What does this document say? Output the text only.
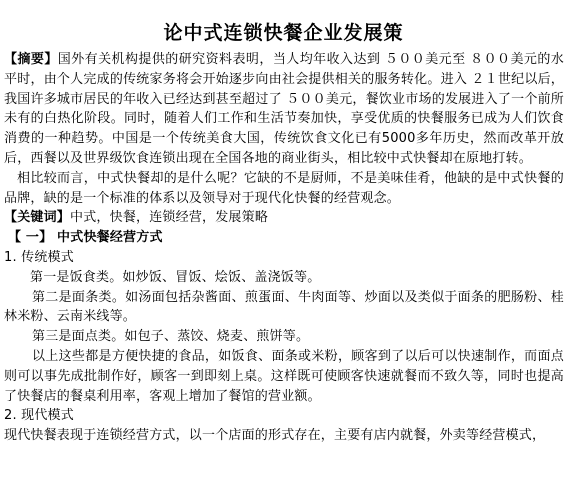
论中式连锁快餐企业发展策

【摘要】国外有关机构提供的研究资料表明，当人均年收入达到 ５００美元至 ８００美元的水平时，由个人完成的传统家务将会开始逐步向由社会提供相关的服务转化。进入 ２１世纪以后，我国许多城市居民的年收入已经达到甚至超过了 ５００美元，餐饮业市场的发展进入了一个前所未有的白热化阶段。同时，随着人们工作和生活节奏加快，享受优质的快餐服务已成为人们饮食消费的一种趋势。中国是一个传统美食大国，传统饮食文化已有5000多年历史，然而改革开放后，西餐以及世界级饮食连锁出现在全国各地的商业街头，相比较中式快餐却在原地打转。

相比较而言，中式快餐却的是什么呢？它缺的不是厨师，不是美味佳肴，他缺的是中式快餐的品牌，缺的是一个标准的体系以及领导对于现代化快餐的经营观念。

【关键词】中式，快餐，连锁经营，发展策略

【 一】 中式快餐经营方式

1. 传统模式

第一是饭食类。如炒饭、冒饭、烩饭、盖浇饭等。

第二是面条类。如汤面包括杂酱面、煎蛋面、牛肉面等、炒面以及类似于面条的肥肠粉、桂林米粉、云南米线等。

第三是面点类。如包子、蒸饺、烧麦、煎饼等。

以上这些都是方便快捷的食品，如饭食、面条或米粉，顾客到了以后可以快速制作，而面点则可以事先成批制作好，顾客一到即刻上桌。这样既可使顾客快速就餐而不致久等，同时也提高了快餐店的餐桌利用率，客观上增加了餐馆的营业额。

2. 现代模式

现代快餐表现于连锁经营方式，以一个店面的形式存在，主要有店内就餐，外卖等经营模式，
